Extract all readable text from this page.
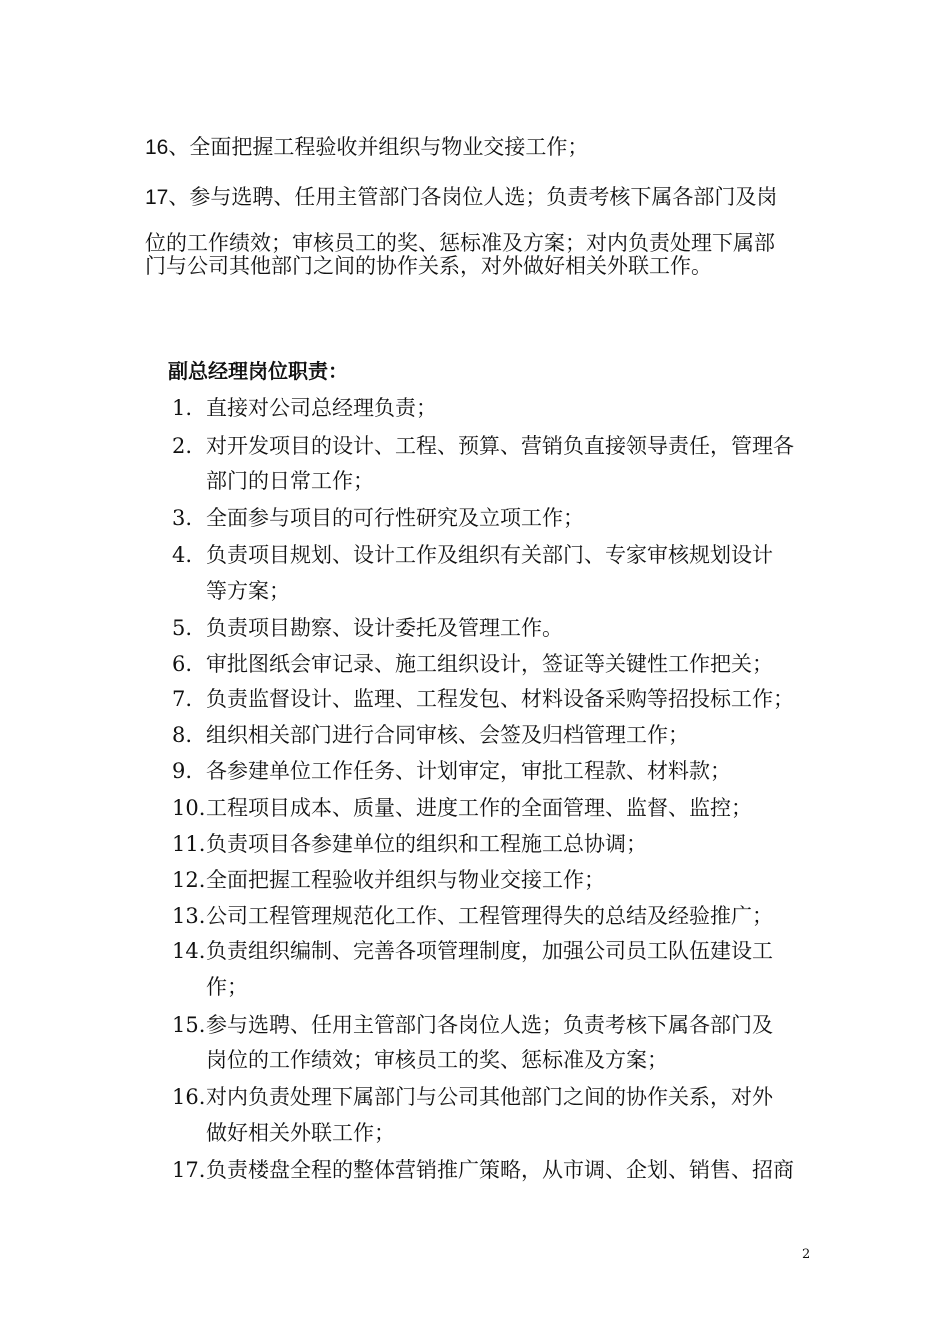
16、全面把握工程验收并组织与物业交接工作；
17、参与选聘、任用主管部门各岗位人选；负责考核下属各部门及岗
位的工作绩效；审核员工的奖、惩标准及方案；对内负责处理下属部
门与公司其他部门之间的协作关系，对外做好相关外联工作。
副总经理岗位职责：
1. 直接对公司总经理负责；
2. 对开发项目的设计、工程、预算、营销负直接领导责任，管理各
部门的日常工作；
3. 全面参与项目的可行性研究及立项工作；
4. 负责项目规划、设计工作及组织有关部门、专家审核规划设计
等方案；
5. 负责项目勘察、设计委托及管理工作。
6. 审批图纸会审记录、施工组织设计，签证等关键性工作把关；
7. 负责监督设计、监理、工程发包、材料设备采购等招投标工作；
8. 组织相关部门进行合同审核、会签及归档管理工作；
9. 各参建单位工作任务、计划审定，审批工程款、材料款；
10.工程项目成本、质量、进度工作的全面管理、监督、监控；
11.负责项目各参建单位的组织和工程施工总协调；
12.全面把握工程验收并组织与物业交接工作；
13.公司工程管理规范化工作、工程管理得失的总结及经验推广；
14.负责组织编制、完善各项管理制度，加强公司员工队伍建设工
作；
15.参与选聘、任用主管部门各岗位人选；负责考核下属各部门及
岗位的工作绩效；审核员工的奖、惩标准及方案；
16.对内负责处理下属部门与公司其他部门之间的协作关系，对外
做好相关外联工作；
17.负责楼盘全程的整体营销推广策略，从市调、企划、销售、招商
2
